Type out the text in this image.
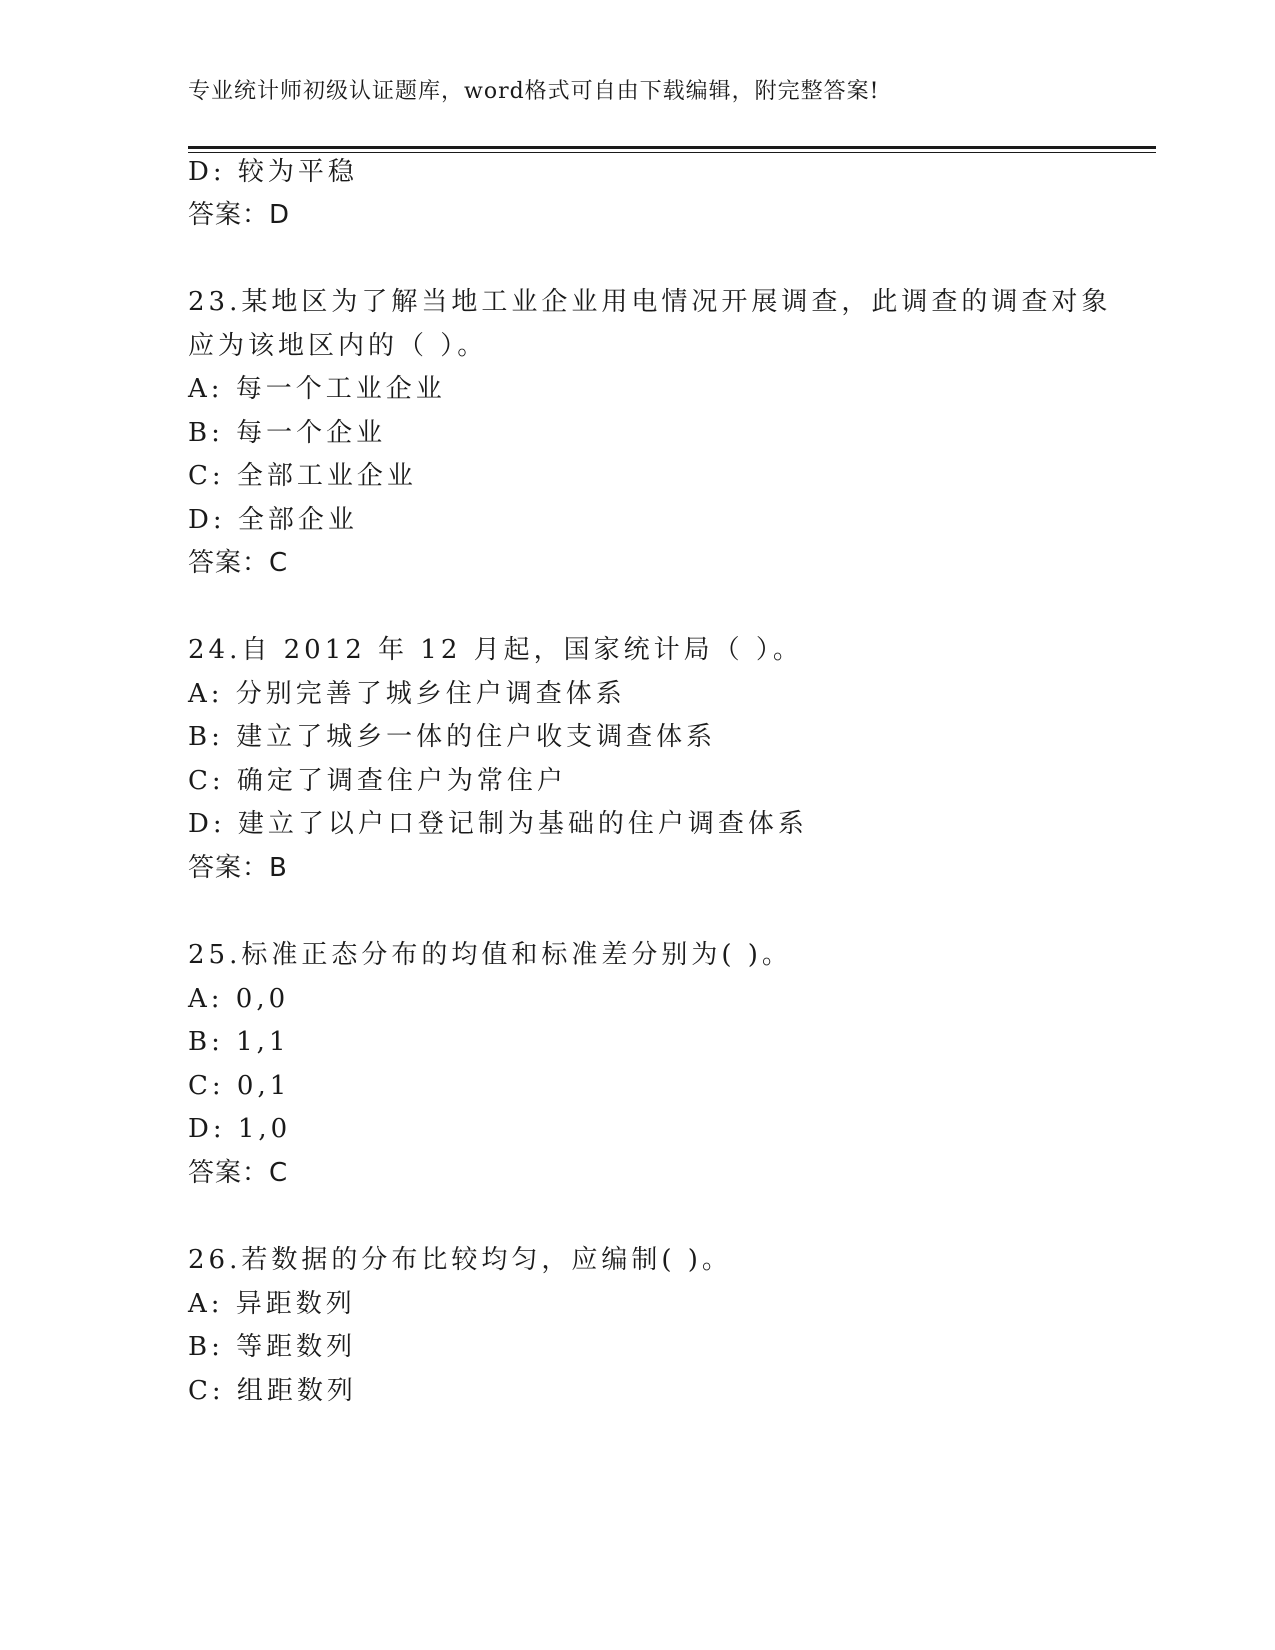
专业统计师初级认证题库，word格式可自由下载编辑，附完整答案!
D: 较为平稳
答案：D
23.某地区为了解当地工业企业用电情况开展调查，此调查的调查对象
应为该地区内的（ ）。
A: 每一个工业企业
B: 每一个企业
C: 全部工业企业
D: 全部企业
答案：C
24.自 2012 年 12 月起，国家统计局（ ）。
A: 分别完善了城乡住户调查体系
B: 建立了城乡一体的住户收支调查体系
C: 确定了调查住户为常住户
D: 建立了以户口登记制为基础的住户调查体系
答案：B
25.标准正态分布的均值和标准差分别为( )。
A: 0,0
B: 1,1
C: 0,1
D: 1,0
答案：C
26.若数据的分布比较均匀，应编制( )。
A: 异距数列
B: 等距数列
C: 组距数列
